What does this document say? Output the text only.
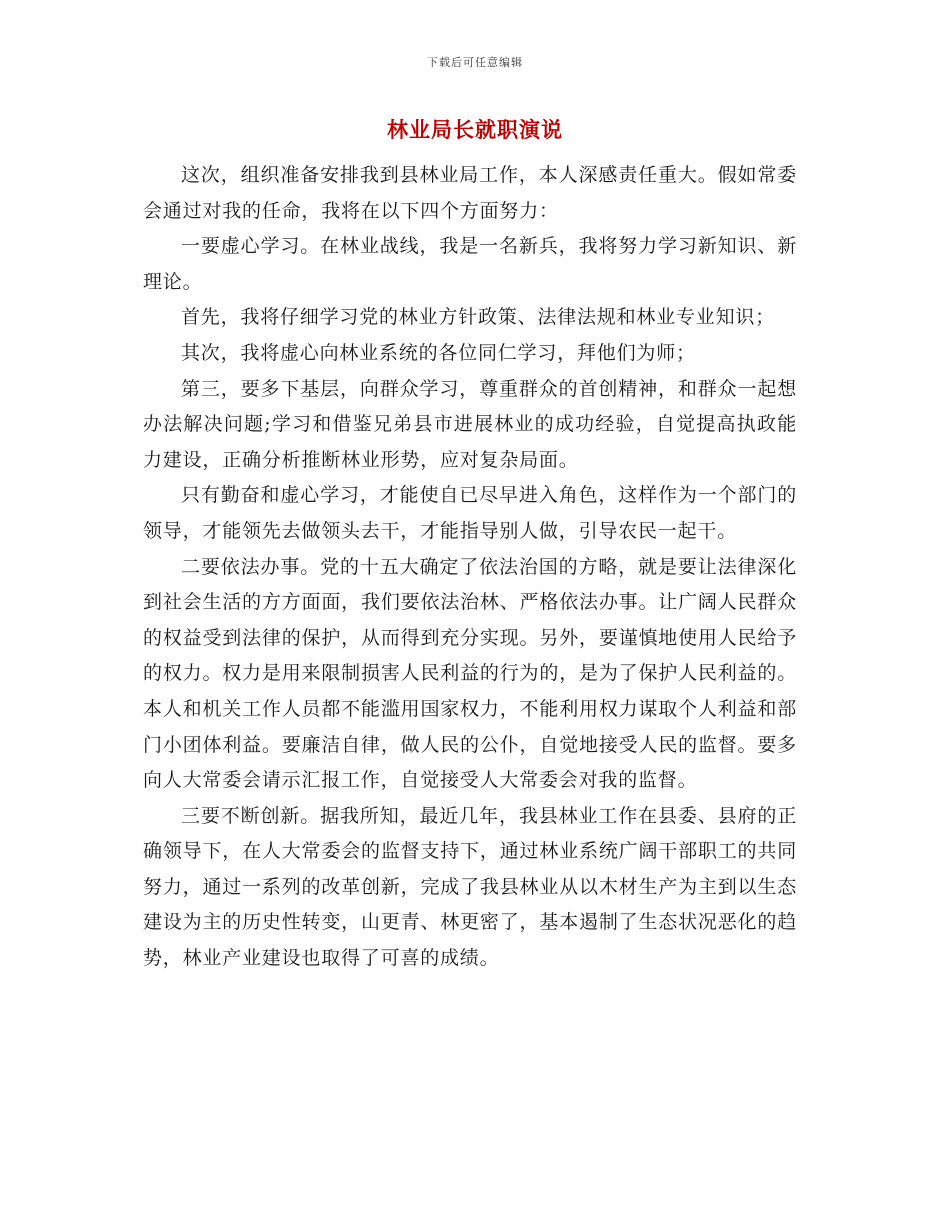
下载后可任意编辑
林业局长就职演说

这次，组织准备安排我到县林业局工作，本人深感责任重大。假如常委会通过对我的任命，我将在以下四个方面努力：

一要虚心学习。在林业战线，我是一名新兵，我将努力学习新知识、新理论。

首先，我将仔细学习党的林业方针政策、法律法规和林业专业知识；

其次，我将虚心向林业系统的各位同仁学习，拜他们为师；

第三，要多下基层，向群众学习，尊重群众的首创精神，和群众一起想办法解决问题;学习和借鉴兄弟县市进展林业的成功经验，自觉提高执政能力建设，正确分析推断林业形势，应对复杂局面。

只有勤奋和虚心学习，才能使自已尽早进入角色，这样作为一个部门的领导，才能领先去做领头去干，才能指导别人做，引导农民一起干。

二要依法办事。党的十五大确定了依法治国的方略，就是要让法律深化到社会生活的方方面面，我们要依法治林、严格依法办事。让广阔人民群众的权益受到法律的保护，从而得到充分实现。另外，要谨慎地使用人民给予的权力。权力是用来限制损害人民利益的行为的，是为了保护人民利益的。本人和机关工作人员都不能滥用国家权力，不能利用权力谋取个人利益和部门小团体利益。要廉洁自律，做人民的公仆，自觉地接受人民的监督。要多向人大常委会请示汇报工作，自觉接受人大常委会对我的监督。

三要不断创新。据我所知，最近几年，我县林业工作在县委、县府的正确领导下，在人大常委会的监督支持下，通过林业系统广阔干部职工的共同努力，通过一系列的改革创新，完成了我县林业从以木材生产为主到以生态建设为主的历史性转变，山更青、林更密了，基本遏制了生态状况恶化的趋势，林业产业建设也取得了可喜的成绩。
